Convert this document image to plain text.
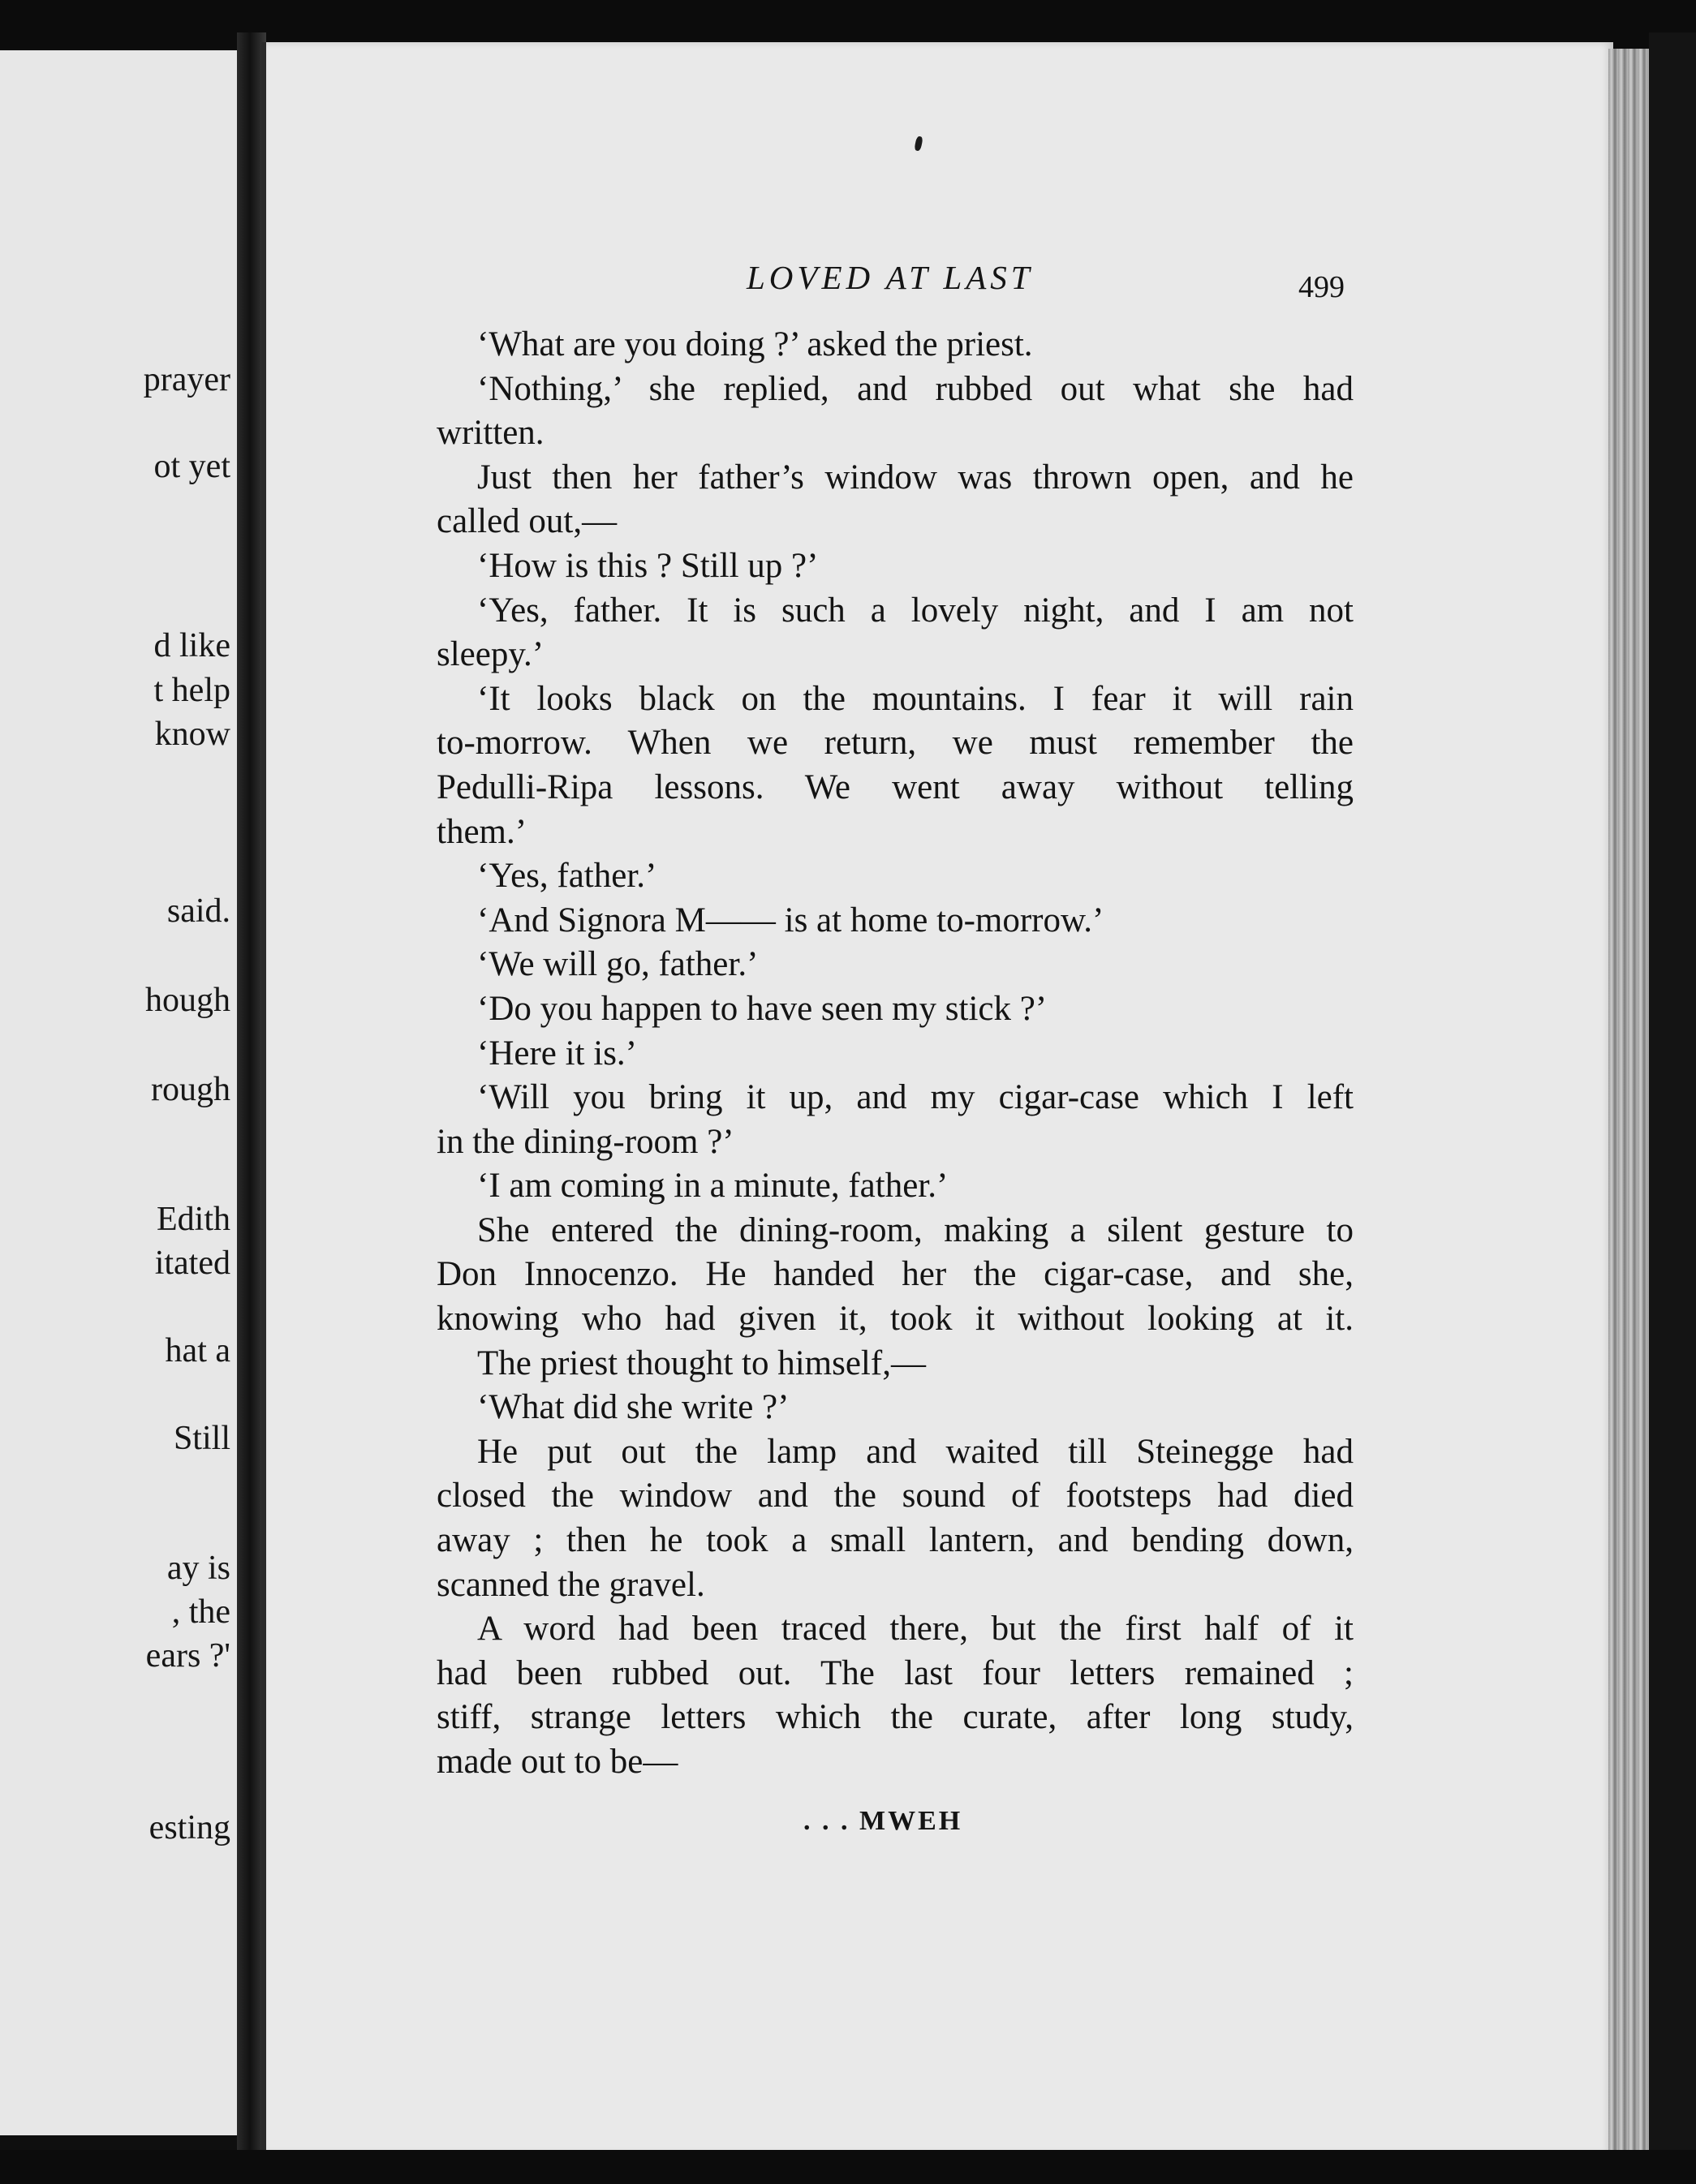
prayer
ot yet
d like
t help
know
said.
hough
rough
Edith
itated
hat a
Still
ay is
, the
ears ?'
esting
LOVED AT LAST	499
‘What are you doing ?’ asked the priest.
‘Nothing,’ she replied, and rubbed out what she had
written.
Just then her father’s window was thrown open, and he
called out,—
‘How is this ? Still up ?’
‘Yes, father. It is such a lovely night, and I am not
sleepy.’
‘It looks black on the mountains. I fear it will rain
to-morrow. When we return, we must remember the
Pedulli-Ripa lessons. We went away without telling
them.’
‘Yes, father.’
‘And Signora M—— is at home to-morrow.’
‘We will go, father.’
‘Do you happen to have seen my stick ?’
‘Here it is.’
‘Will you bring it up, and my cigar-case which I left
in the dining-room ?’
‘I am coming in a minute, father.’
She entered the dining-room, making a silent gesture to
Don Innocenzo. He handed her the cigar-case, and she,
knowing who had given it, took it without looking at it.
The priest thought to himself,—
‘What did she write ?’
He put out the lamp and waited till Steinegge had
closed the window and the sound of footsteps had died
away ; then he took a small lantern, and bending down,
scanned the gravel.
A word had been traced there, but the first half of it
had been rubbed out. The last four letters remained ;
stiff, strange letters which the curate, after long study,
made out to be—
. . . MWEH
